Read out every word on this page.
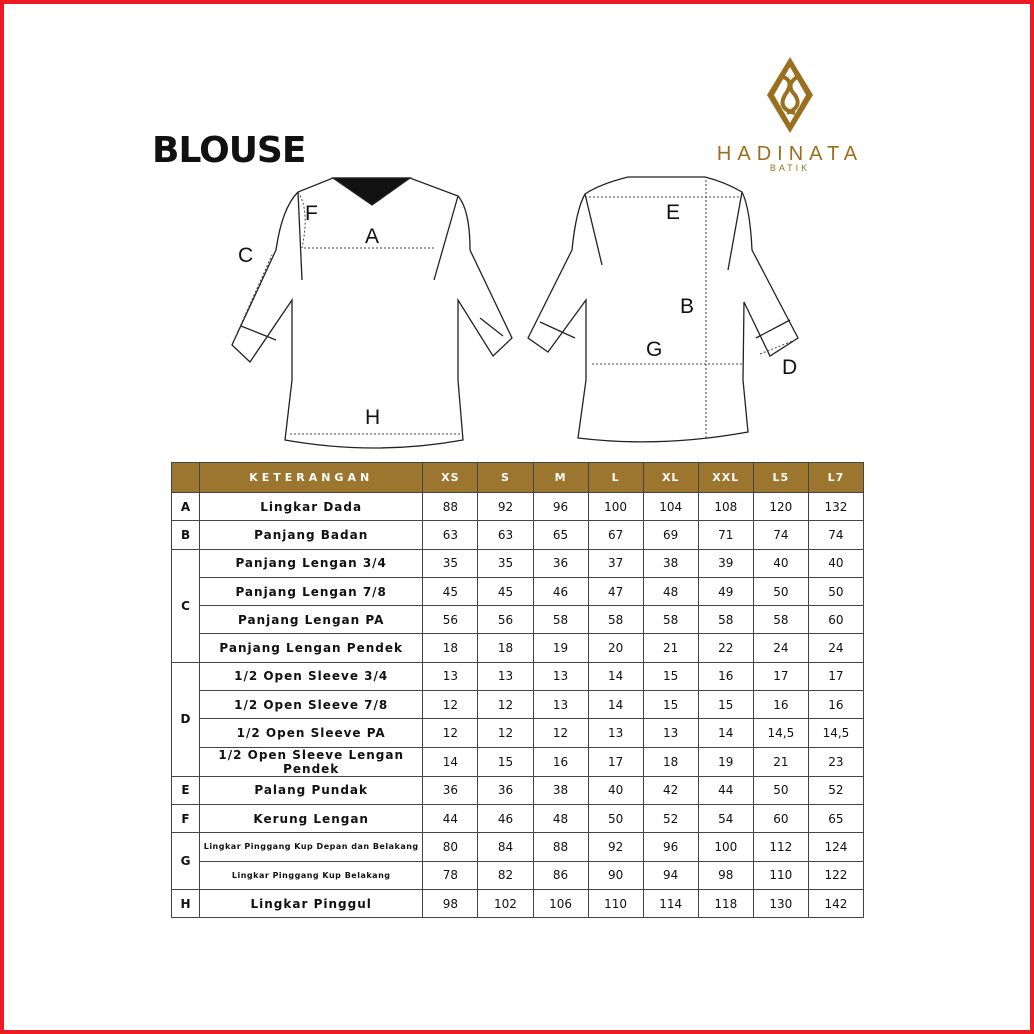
BLOUSE	HADINATA
BATIK
A
C
F
H
E
B
G
D
	KETERANGAN	XS	S	M	L	XL	XXL	L5	L7
A	Lingkar Dada	88	92	96	100	104	108	120	132
B	Panjang Badan	63	63	65	67	69	71	74	74
C	Panjang Lengan 3/4	35	35	36	37	38	39	40	40
	Panjang Lengan 7/8	45	45	46	47	48	49	50	50
	Panjang Lengan PA	56	56	58	58	58	58	58	60
	Panjang Lengan Pendek	18	18	19	20	21	22	24	24
D	1/2 Open Sleeve 3/4	13	13	13	14	15	16	17	17
	1/2 Open Sleeve 7/8	12	12	13	14	15	15	16	16
	1/2 Open Sleeve PA	12	12	12	13	13	14	14,5	14,5
	1/2 Open Sleeve Lengan Pendek	14	15	16	17	18	19	21	23
E	Palang Pundak	36	36	38	40	42	44	50	52
F	Kerung Lengan	44	46	48	50	52	54	60	65
G	Lingkar Pinggang Kup Depan dan Belakang	80	84	88	92	96	100	112	124
	Lingkar Pinggang Kup Belakang	78	82	86	90	94	98	110	122
H	Lingkar Pinggul	98	102	106	110	114	118	130	142
